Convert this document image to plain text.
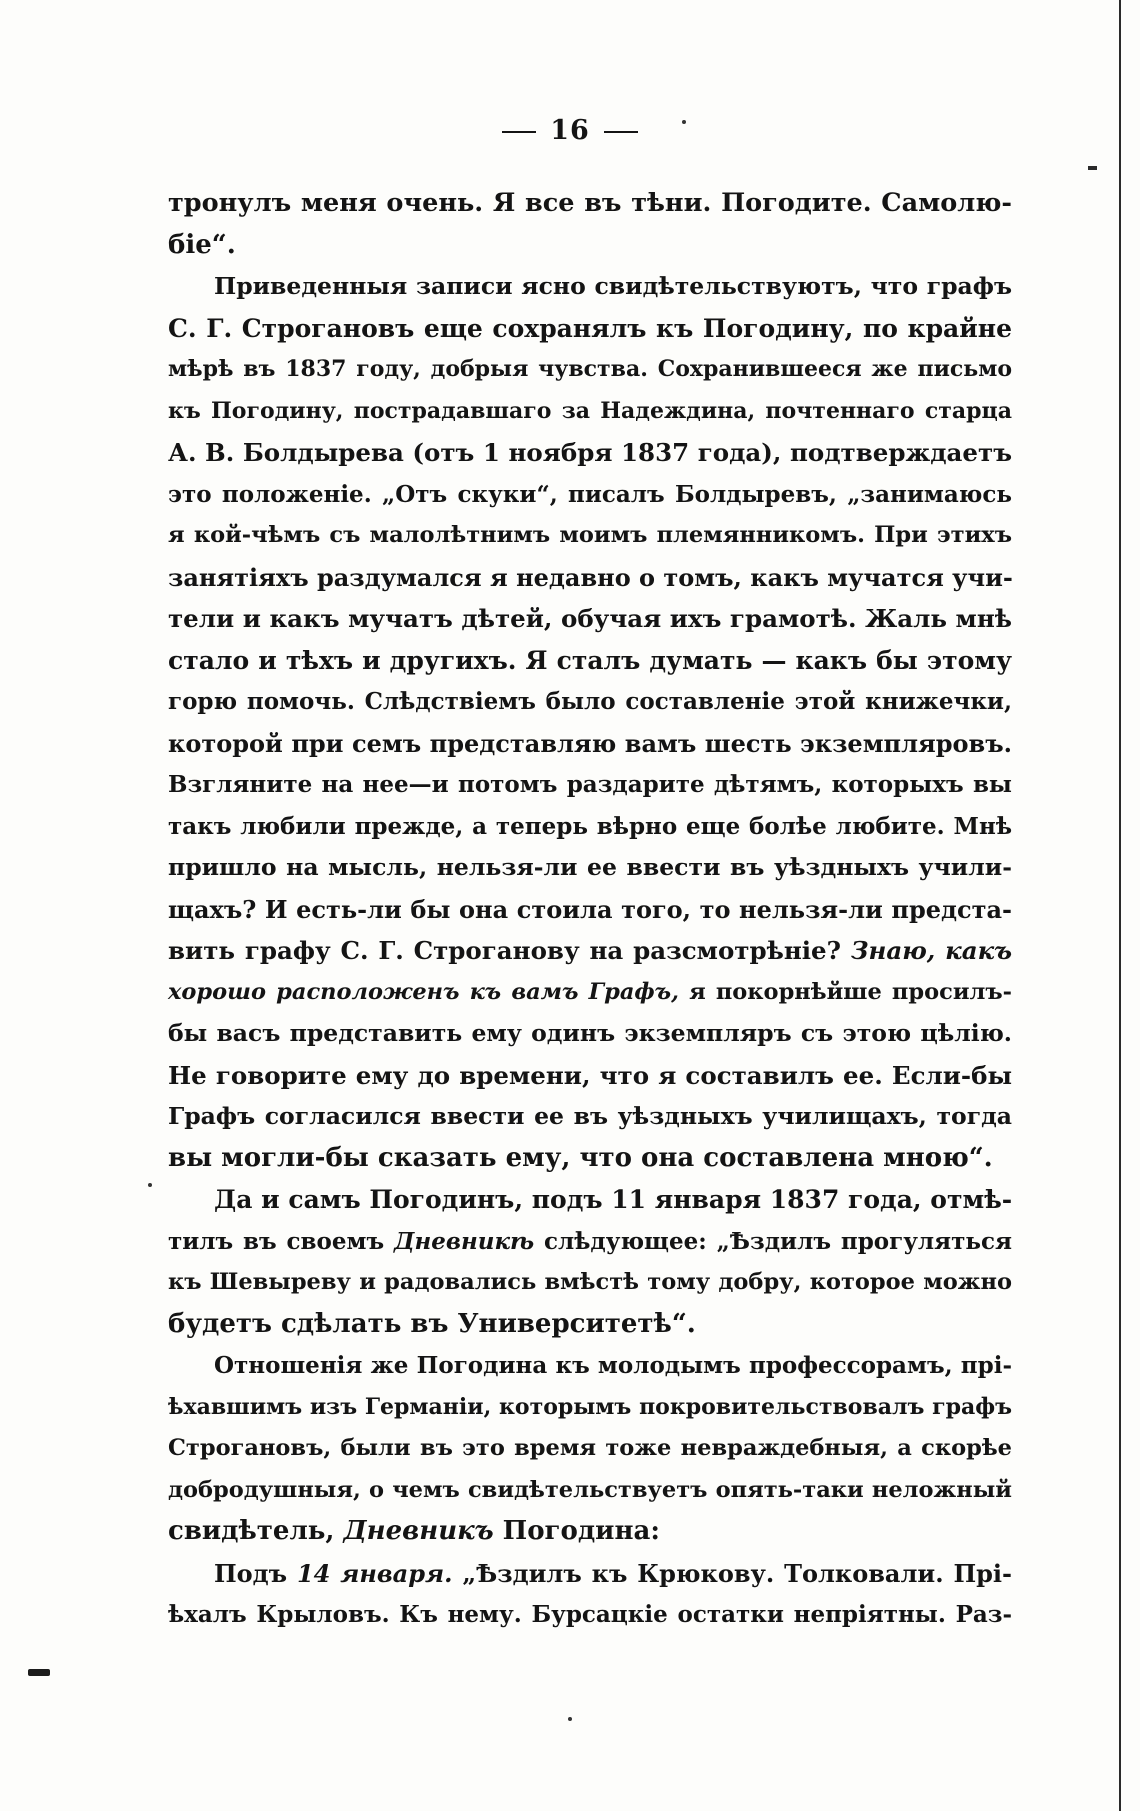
16
тронулъ меня очень. Я все въ тѣни. Погодите. Самолю-
біе“.
Приведенныя записи ясно свидѣтельствуютъ, что графъ
С. Г. Строгановъ еще сохранялъ къ Погодину, по крайне
мѣрѣ въ 1837 году, добрыя чувства. Сохранившееся же письмо
къ Погодину, пострадавшаго за Надеждина, почтеннаго старца
А. В. Болдырева (отъ 1 ноября 1837 года), подтверждаетъ
это положеніе. „Отъ скуки“, писалъ Болдыревъ, „занимаюсь
я кой-чѣмъ съ малолѣтнимъ моимъ племянникомъ. При этихъ
занятіяхъ раздумался я недавно о томъ, какъ мучатся учи-
тели и какъ мучатъ дѣтей, обучая ихъ грамотѣ. Жаль мнѣ
стало и тѣхъ и другихъ. Я сталъ думать — какъ бы этому
горю помочь. Слѣдствіемъ было составленіе этой книжечки,
которой при семъ представляю вамъ шесть экземпляровъ.
Взгляните на нее—и потомъ раздарите дѣтямъ, которыхъ вы
такъ любили прежде, а теперь вѣрно еще болѣе любите. Мнѣ
пришло на мысль, нельзя-ли ее ввести въ уѣздныхъ учили-
щахъ? И есть-ли бы она стоила того, то нельзя-ли предста-
вить графу С. Г. Строганову на разсмотрѣніе? Знаю, какъ
хорошо расположенъ къ вамъ Графъ, я покорнѣйше просилъ-
бы васъ представить ему одинъ экземпляръ съ этою цѣлію.
Не говорите ему до времени, что я составилъ ее. Если-бы
Графъ согласился ввести ее въ уѣздныхъ училищахъ, тогда
вы могли-бы сказать ему, что она составлена мною“.
Да и самъ Погодинъ, подъ 11 января 1837 года, отмѣ-
тилъ въ своемъ Дневникѣ слѣдующее: „Ѣздилъ прогуляться
къ Шевыреву и радовались вмѣстѣ тому добру, которое можно
будетъ сдѣлать въ Университетѣ“.
Отношенія же Погодина къ молодымъ профессорамъ, прі-
ѣхавшимъ изъ Германіи, которымъ покровительствовалъ графъ
Строгановъ, были въ это время тоже невраждебныя, а скорѣе
добродушныя, о чемъ свидѣтельствуетъ опять-таки неложный
свидѣтель, Дневникъ Погодина:
Подъ 14 января. „Ѣздилъ къ Крюкову. Толковали. Прі-
ѣхалъ Крыловъ. Къ нему. Бурсацкіе остатки непріятны. Раз-
